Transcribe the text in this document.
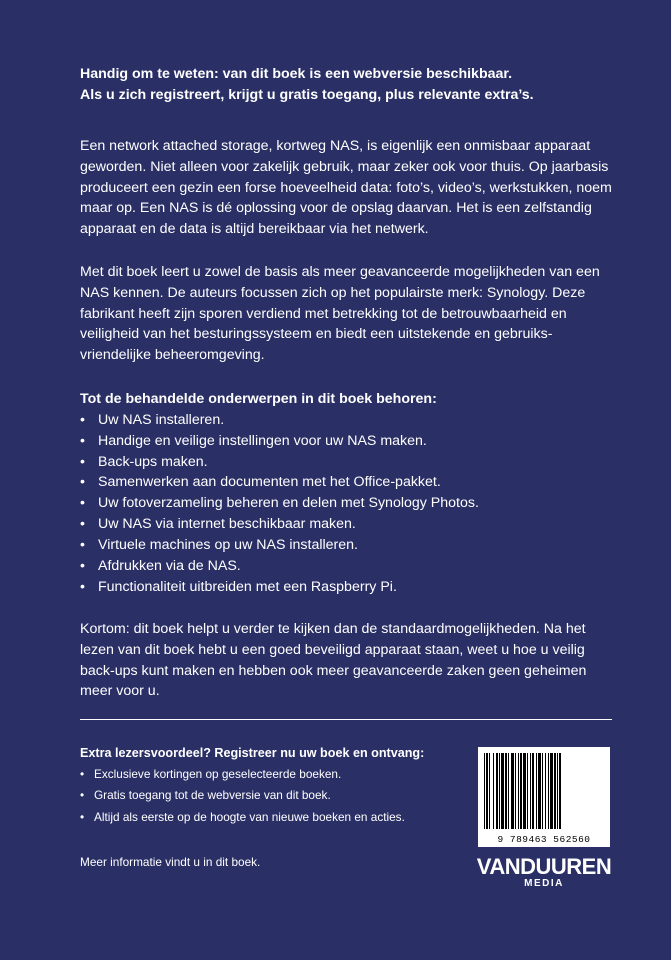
Handig om te weten: van dit boek is een webversie beschikbaar.

Als u zich registreert, krijgt u gratis toegang, plus relevante extra’s.

Een network attached storage, kortweg NAS, is eigenlijk een onmisbaar apparaat geworden. Niet alleen voor zakelijk gebruik, maar zeker ook voor thuis. Op jaarbasis produceert een gezin een forse hoeveelheid data: foto’s, video’s, werkstukken, noem maar op. Een NAS is dé oplossing voor de opslag daarvan. Het is een zelfstandig apparaat en de data is altijd bereikbaar via het netwerk.

Met dit boek leert u zowel de basis als meer geavanceerde mogelijkheden van een NAS kennen. De auteurs focussen zich op het populairste merk: Synology. Deze fabrikant heeft zijn sporen verdiend met betrekking tot de betrouwbaarheid en veiligheid van het besturingssysteem en biedt een uitstekende en gebruiks-vriendelijke beheeromgeving.

Tot de behandelde onderwerpen in dit boek behoren:
• Uw NAS installeren.
• Handige en veilige instellingen voor uw NAS maken.
• Back-ups maken.
• Samenwerken aan documenten met het Office-pakket.
• Uw fotoverzameling beheren en delen met Synology Photos.
• Uw NAS via internet beschikbaar maken.
• Virtuele machines op uw NAS installeren.
• Afdrukken via de NAS.
• Functionaliteit uitbreiden met een Raspberry Pi.

Kortom: dit boek helpt u verder te kijken dan de standaardmogelijkheden. Na het lezen van dit boek hebt u een goed beveiligd apparaat staan, weet u hoe u veilig back-ups kunt maken en hebben ook meer geavanceerde zaken geen geheimen meer voor u.

Extra lezersvoordeel? Registreer nu uw boek en ontvang:

• Exclusieve kortingen op geselecteerde boeken.
• Gratis toegang tot de webversie van dit boek.
• Altijd als eerste op de hoogte van nieuwe boeken en acties.

Meer informatie vindt u in dit boek.

9 789463 562560
VANDUUREN
MEDIA
